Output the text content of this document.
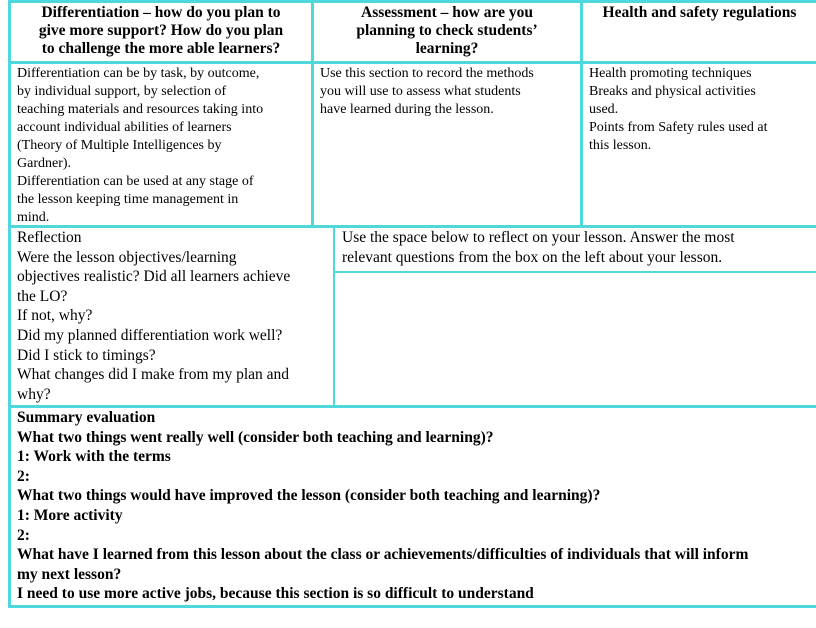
Differentiation – how do you plan to
give more support? How do you plan
to challenge the more able learners?
Assessment – how are you
planning to check students’
learning?
Health and safety regulations
Differentiation can be by task, by outcome,
by individual support, by selection of
teaching materials and resources taking into
account individual abilities of learners
(Theory of Multiple Intelligences by
Gardner).
Differentiation can be used at any stage of
the lesson keeping time management in
mind.
Use this section to record the methods
you will use to assess what students
have learned during the lesson.
Health promoting techniques
Breaks and physical activities
used.
Points from Safety rules used at
this lesson.
Reflection
Were the lesson objectives/learning
objectives realistic? Did all learners achieve
the LO?
If not, why?
Did my planned differentiation work well?
Did I stick to timings?
What changes did I make from my plan and
why?
Use the space below to reflect on your lesson. Answer the most
relevant questions from the box on the left about your lesson.
Summary evaluation
What two things went really well (consider both teaching and learning)?
1: Work with the terms
2:
What two things would have improved the lesson (consider both teaching and learning)?
1: More activity
2:
What have I learned from this lesson about the class or achievements/difficulties of individuals that will inform
my next lesson?
I need to use more active jobs, because this section is so difficult to understand
